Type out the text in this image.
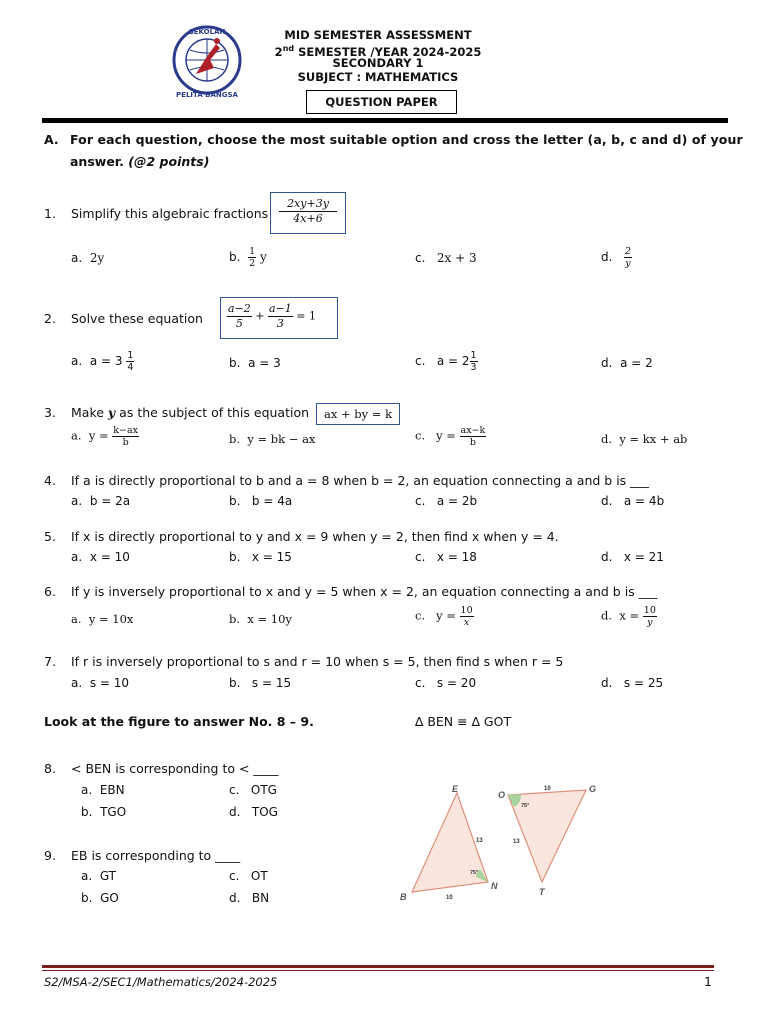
SEKOLAH
PELITA BANGSA
MID SEMESTER ASSESSMENT
2nd SEMESTER /YEAR 2024-2025
SECONDARY 1
SUBJECT : MATHEMATICS
QUESTION PAPER
A. For each question, choose the most suitable option and cross the letter (a, b, c and d) of your
answer. (@2 points)
1. Simplify this algebraic fractions $\frac{2xy+3y}{4x+6}$
a. 2y	b. $\frac{1}{2}$ y	c. 2x + 3	d. $\frac{2}{y}$
2. Solve these equation $\frac{a-2}{5} + \frac{a-1}{3} = 1$
a. $a = 3 \frac{1}{4}$	b. a = 3	c. $a = 2 \frac{1}{3}$	d. a = 2
3. Make y as the subject of this equation	ax + by = k
a. $y = \frac{k-ax}{b}$	b. y = bk − ax	c. $y = \frac{ax-k}{b}$	d. y = kx + ab
4. If a is directly proportional to b and a = 8 when b = 2, an equation connecting a and b is ___
a. b = 2a	b. b = 4a	c. a = 2b	d. a = 4b
5. If x is directly proportional to y and x = 9 when y = 2, then find x when y = 4.
a. x = 10	b. x = 15	c. x = 18	d. x = 21
6. If y is inversely proportional to x and y = 5 when x = 2, an equation connecting a and b is ___
a. y = 10x	b. x = 10y	c. $y = \frac{10}{x}$	d. $x = \frac{10}{y}$
7. If r is inversely proportional to s and r = 10 when s = 5, then find s when r = 5
a. s = 10	b. s = 15	c. s = 20	d. s = 25
Look at the figure to answer No. 8 – 9.	∆ BEN ≡ ∆ GOT
8. < BEN is corresponding to < ____
a. EBN	c. OTG
b. TGO	d. TOG
9. EB is corresponding to ____
a. GT	c. OT
b. GO	d. BN
E
B
N
13
10
75°
O
G
T
10
13
75°
S2/MSA-2/SEC1/Mathematics/2024-2025	1
